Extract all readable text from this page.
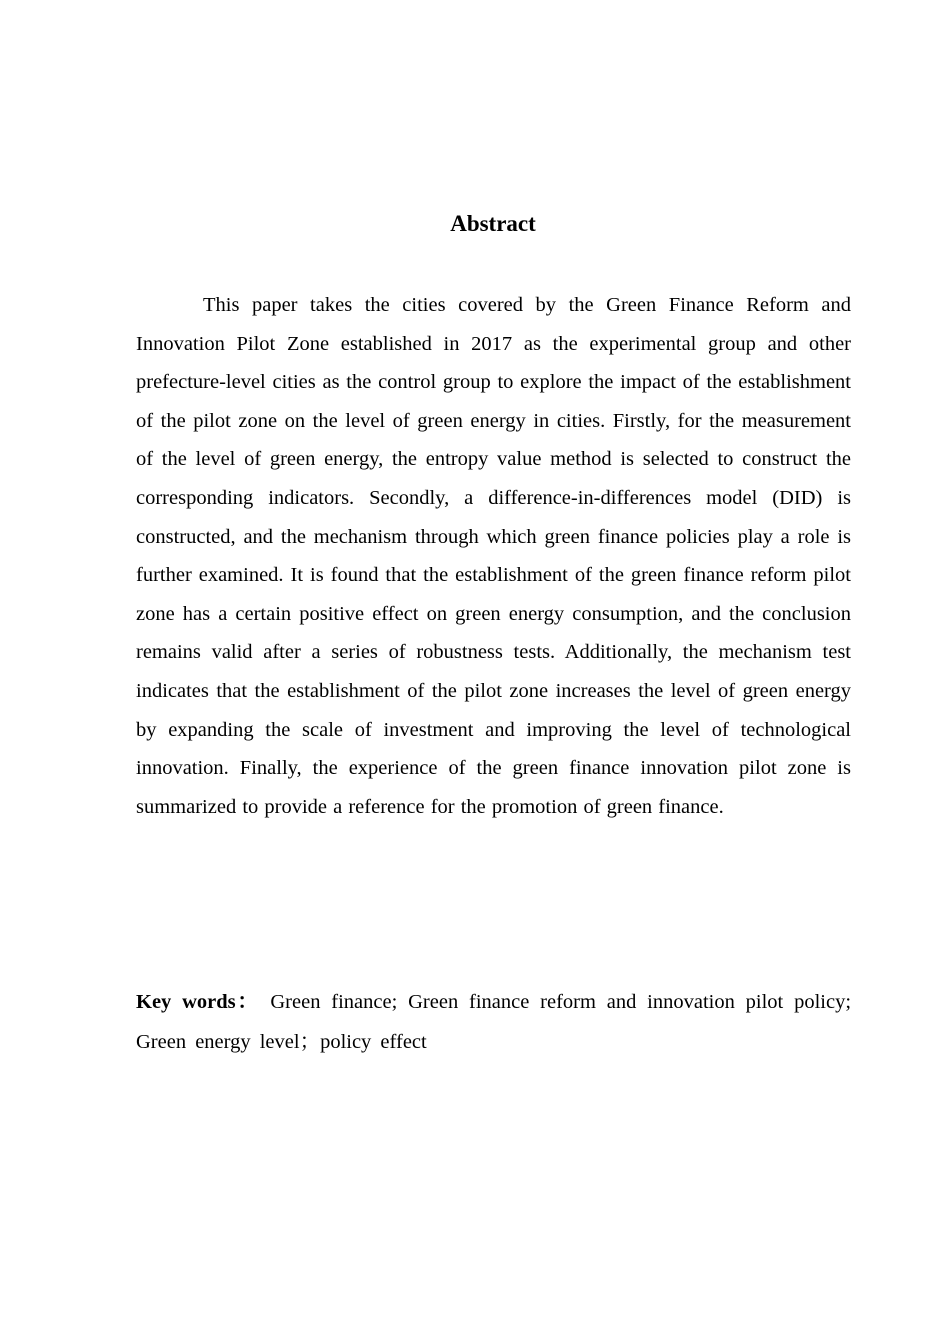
Abstract

This paper takes the cities covered by the Green Finance Reform and Innovation Pilot Zone established in 2017 as the experimental group and other prefecture-level cities as the control group to explore the impact of the establishment of the pilot zone on the level of green energy in cities. Firstly, for the measurement of the level of green energy, the entropy value method is selected to construct the corresponding indicators. Secondly, a difference-in-differences model (DID) is constructed, and the mechanism through which green finance policies play a role is further examined. It is found that the establishment of the green finance reform pilot zone has a certain positive effect on green energy consumption, and the conclusion remains valid after a series of robustness tests. Additionally, the mechanism test indicates that the establishment of the pilot zone increases the level of green energy by expanding the scale of investment and improving the level of technological innovation. Finally, the experience of the green finance innovation pilot zone is summarized to provide a reference for the promotion of green finance.

Key words： Green finance; Green finance reform and innovation pilot policy; Green energy level；policy effect
